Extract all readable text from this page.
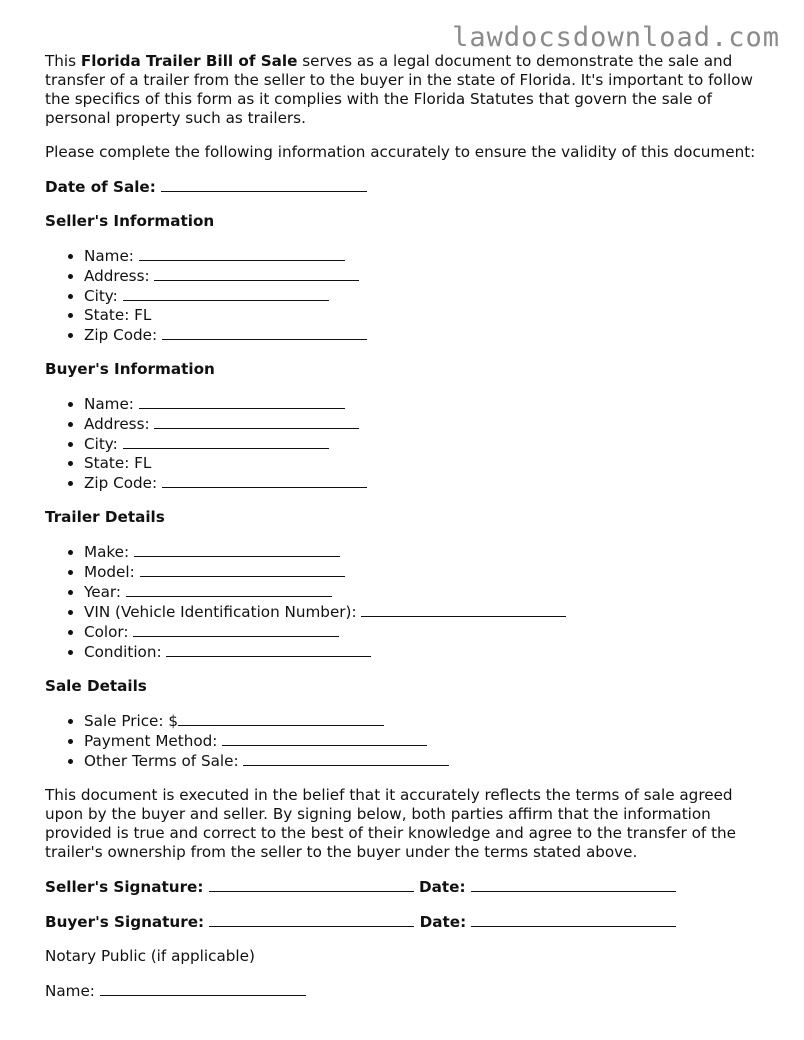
lawdocsdownload.com

This Florida Trailer Bill of Sale serves as a legal document to demonstrate the sale and transfer of a trailer from the seller to the buyer in the state of Florida. It's important to follow the specifics of this form as it complies with the Florida Statutes that govern the sale of personal property such as trailers.

Please complete the following information accurately to ensure the validity of this document:

Date of Sale:

Seller's Information
• Name:
• Address:
• City:
• State: FL
• Zip Code:
Buyer's Information
• Name:
• Address:
• City:
• State: FL
• Zip Code:
Trailer Details
• Make:
• Model:
• Year:
• VIN (Vehicle Identification Number):
• Color:
• Condition:
Sale Details
• Sale Price: $
• Payment Method:
• Other Terms of Sale:

This document is executed in the belief that it accurately reflects the terms of sale agreed upon by the buyer and seller. By signing below, both parties affirm that the information provided is true and correct to the best of their knowledge and agree to the transfer of the trailer's ownership from the seller to the buyer under the terms stated above.

Seller's Signature:	Date:
Buyer's Signature:	Date:

Notary Public (if applicable)

Name:
